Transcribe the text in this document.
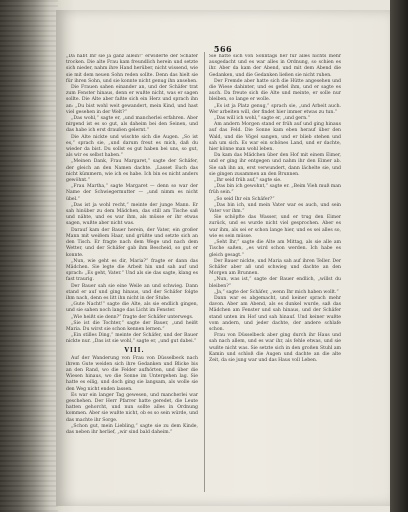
566

„Da habt Ihr sie ja ganz allein!“ erwiderte der Schäfer trocken. Die alte Frau kam freundlich herein und setzte sich nieder, nahm ihre Hand herüber, nicht wissend, wie sie mit dem neuen Sohn reden sollte. Denn das hielt sie für ihren Sohn, und sie konnte nicht genug ihn ansehen.

Die Frauen sahen einander an, und der Schäfer trat zum Fenster hinaus, denn er wußte nicht, was er sagen sollte. Die Alte aber faßte sich ein Herz und sprach ihn an: „Du bist wohl weit gewandert, mein Kind, und hast viel gesehen in der Welt?“

„Das wohl,“ sagte er, „und mancherlei erfahren. Aber nirgend ist es so gut, als daheim bei den Seinen, und das habe ich erst draußen gelernt.“

Die Alte nickte und wischte sich die Augen. „So ist es,“ sprach sie, „und darum freut es mich, daß du wieder da bist. Du sollst es gut haben bei uns, so gut, als wir es selbst haben.“

„Meinen Dank, Frau Margaret,“ sagte der Schäfer, der gleich an den Namen dachte. „Lasset Euch das nicht kümmern, wie ich es habe. Ich bin es nicht anders gewöhnt.“

„Frau Martha,“ sagte Margaret — denn so war der Name der Schwiegermutter — „und nimm es nicht übel.“

„Das ist ja wohl recht,“ meinte der junge Mann. Er sah hinüber zu dem Mädchen, das still am Tische saß und nähte, und es war ihm, als müsse er ihr etwas sagen, wußte aber nicht was.

Darauf kam der Bauer herein, der Vater, ein großer Mann mit weißem Haar, und grüßte und setzte sich an den Tisch. Er fragte nach dem Wege und nach dem Wetter, und der Schäfer gab ihm Bescheid, so gut er konnte.

„Nun, wie geht es dir, Maria?“ fragte er dann das Mädchen. Sie legte die Arbeit hin und sah auf und sprach: „Es geht, Vater.“ Und als sie das sagte, klang es fast traurig.

Der Bauer sah sie eine Weile an und schwieg. Dann stand er auf und ging hinaus, und der Schäfer folgte ihm nach, denn es litt ihn nicht in der Stube.

„Gute Nacht!“ sagte die Alte, als sie endlich gingen, und sie sahen noch lange das Licht im Fenster.

„Wie heißt sie denn?“ fragte der Schäfer unterwegs.

„Sie ist die Tochter,“ sagte der Bauer, „und heißt Maria. Du wirst sie schon kennen lernen.“

„Ein stilles Ding,“ meinte der Schäfer, und der Bauer nickte nur. „Das ist sie wohl,“ sagte er, „und gut dabei.“

VIII.

Auf der Wanderung von Frau von Düsselbeck nach ihrem Gute weiden sich ihre Gedanken und Blicke bis an den Rand, wo die Felder aufhörten, und über die Wiesen hinaus, wo die Sonne im Untergehen lag. Sie hatte es eilig, und doch ging sie langsam, als wolle sie den Weg nicht enden lassen.

Es war ein langer Tag gewesen, und mancherlei war geschehen. Der Herr Pfarrer hatte geredet, die Leute hatten gehorcht, und nun sollte alles in Ordnung kommen. Aber sie wußte nicht, ob es so sein würde, und das machte ihr Sorge.

„Schon gut, mein Liebling,“ sagte sie zu dem Kinde, das neben ihr herlief, „wir sind bald daheim.“

Sie hatte sich von Sonntags her für alles nichts mehr ausgedacht und es war alles in Ordnung, so schien es ihr. Aber da kam der Abend, und mit dem Abend die Gedanken, und die Gedanken ließen sie nicht ruhen.

Der Fremde aber hatte sich die Hütte angesehen und die Wiese dahinter, und es gefiel ihm, und er sagte es auch. Da freute sich die Alte und meinte, er solle nur bleiben, so lange er wolle.

„Es ist ja Platz genug,“ sprach sie, „und Arbeit auch. Wer arbeiten will, der findet hier immer etwas zu tun.“

„Das will ich wohl,“ sagte er, „und gern.“

Am andern Morgen stand er früh auf und ging hinaus auf das Feld. Die Sonne kam eben herauf über den Wald, und die Vögel sangen, und er blieb stehen und sah um sich. Es war ein schönes Land, und er dachte, hier könne man wohl leben.

Da kam das Mädchen über den Hof mit einem Eimer, und er ging ihr entgegen und nahm ihr den Eimer ab. Sie sah ihn an, erst verwundert, dann lächelte sie, und sie gingen zusammen an den Brunnen.

„Ihr seid früh auf,“ sagte sie.

„Das bin ich gewohnt,“ sagte er. „Beim Vieh muß man früh sein.“

„So seid Ihr ein Schäfer?“

„Das bin ich, und mein Vater war es auch, und sein Vater vor ihm.“

Sie schöpfte das Wasser, und er trug den Eimer zurück, und es wurde nicht viel gesprochen. Aber es war ihm, als sei er schon lange hier, und es sei alles so, wie es sein müsse.

„Seht Ihr,“ sagte die Alte am Mittag, als sie alle am Tische saßen, „es wird schon werden. Ich habe es gleich gesagt.“

Der Bauer nickte, und Maria sah auf ihren Teller. Der Schäfer aber aß und schwieg und dachte an den Morgen am Brunnen.

„Nun, was ist,“ sagte der Bauer endlich, „willst du bleiben?“

„Ja,“ sagte der Schäfer, „wenn Ihr mich haben wollt.“

Dann war es abgemacht, und keiner sprach mehr davon. Aber am Abend, als es dunkel wurde, saß das Mädchen am Fenster und sah hinaus, und der Schäfer stand unten im Hof und sah hinauf. Und keiner wußte vom andern, und jeder dachte, der andere schlafe schon.

Frau von Düsselbeck aber ging durch ihr Haus und sah nach allem, und es war ihr, als fehle etwas, und sie wußte nicht was. Sie setzte sich in den großen Stuhl am Kamin und schloß die Augen und dachte an die alte Zeit, da sie jung war und das Haus voll Leben.
